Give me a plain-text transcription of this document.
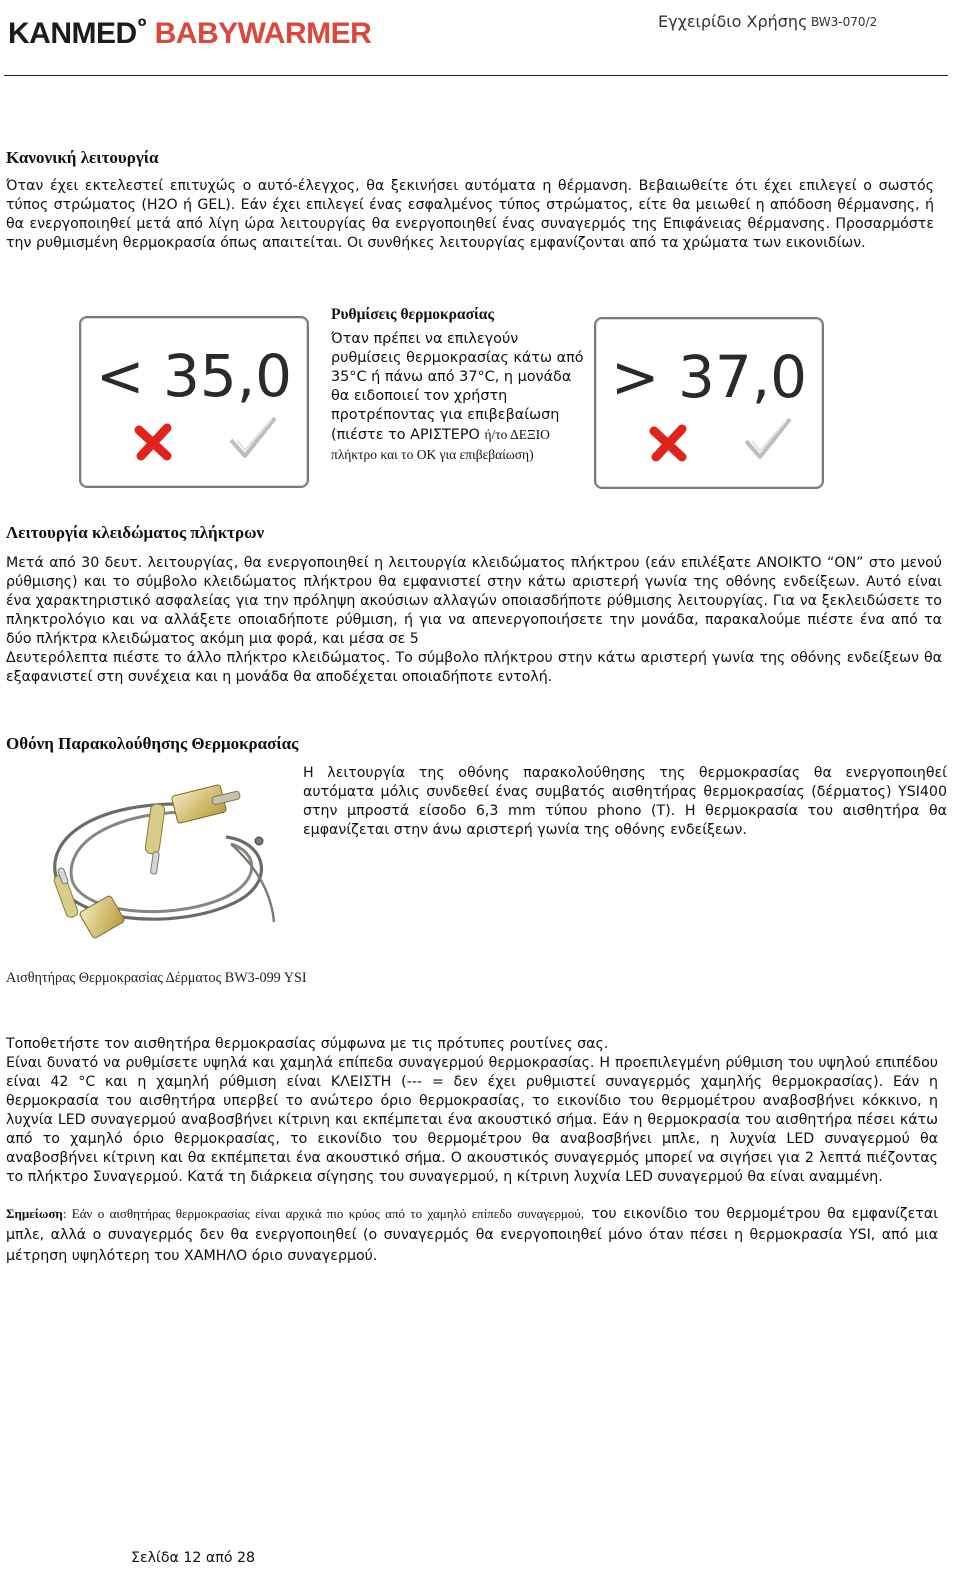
KANMED o BABYWARMER	Εγχειρίδιο Χρήσης BW3-070/2
Κανονική λειτουργία

Όταν έχει εκτελεστεί επιτυχώς ο αυτό-έλεγχος, θα ξεκινήσει αυτόματα η θέρμανση. Βεβαιωθείτε ότι έχει επιλεγεί ο σωστός τύπος στρώματος (H2O ή GEL). Εάν έχει επιλεγεί ένας εσφαλμένος τύπος στρώματος, είτε θα μειωθεί η απόδοση θέρμανσης, ή θα ενεργοποιηθεί μετά από λίγη ώρα λειτουργίας θα ενεργοποιηθεί ένας συναγερμός της Επιφάνειας θέρμανσης. Προσαρμόστε την ρυθμισμένη θερμοκρασία όπως απαιτείται. Οι συνθήκες λειτουργίας εμφανίζονται από τα χρώματα των εικονιδίων.

< 35,0
Ρυθμίσεις θερμοκρασίας
Όταν πρέπει να επιλεγούν ρυθμίσεις θερμοκρασίας κάτω από 35°C ή πάνω από 37°C, η μονάδα θα ειδοποιεί τον χρήστη προτρέποντας για επιβεβαίωση (πιέστε το ΑΡΙΣΤΕΡΟ ή/το ΔΕΞΙΟ πλήκτρο και το ΟΚ για επιβεβαίωση)
> 37,0
Λειτουργία κλειδώματος πλήκτρων

Μετά από 30 δευτ. λειτουργίας, θα ενεργοποιηθεί η λειτουργία κλειδώματος πλήκτρου (εάν επιλέξατε ΑΝΟΙΚΤΟ “ON” στο μενού ρύθμισης) και το σύμβολο κλειδώματος πλήκτρου θα εμφανιστεί στην κάτω αριστερή γωνία της οθόνης ενδείξεων. Αυτό είναι ένα χαρακτηριστικό ασφαλείας για την πρόληψη ακούσιων αλλαγών οποιασδήποτε ρύθμισης λειτουργίας. Για να ξεκλειδώσετε το πληκτρολόγιο και να αλλάξετε οποιαδήποτε ρύθμιση, ή για να απενεργοποιήσετε την μονάδα, παρακαλούμε πιέστε ένα από τα δύο πλήκτρα κλειδώματος ακόμη μια φορά, και μέσα σε 5

Δευτερόλεπτα πιέστε το άλλο πλήκτρο κλειδώματος. Το σύμβολο πλήκτρου στην κάτω αριστερή γωνία της οθόνης ενδείξεων θα εξαφανιστεί στη συνέχεια και η μονάδα θα αποδέχεται οποιαδήποτε εντολή.

Οθόνη Παρακολούθησης Θερμοκρασίας

Η λειτουργία της οθόνης παρακολούθησης της θερμοκρασίας θα ενεργοποιηθεί αυτόματα μόλις συνδεθεί ένας συμβατός αισθητήρας θερμοκρασίας (δέρματος) YSI400 στην μπροστά είσοδο 6,3 mm τύπου phono (T). Η θερμοκρασία του αισθητήρα θα εμφανίζεται στην άνω αριστερή γωνία της οθόνης ενδείξεων.

Αισθητήρας Θερμοκρασίας Δέρματος BW3-099 YSI

Τοποθετήστε τον αισθητήρα θερμοκρασίας σύμφωνα με τις πρότυπες ρουτίνες σας.

Είναι δυνατό να ρυθμίσετε υψηλά και χαμηλά επίπεδα συναγερμού θερμοκρασίας. Η προεπιλεγμένη ρύθμιση του υψηλού επιπέδου είναι 42 °C και η χαμηλή ρύθμιση είναι ΚΛΕΙΣΤΗ (--- = δεν έχει ρυθμιστεί συναγερμός χαμηλής θερμοκρασίας). Εάν η θερμοκρασία του αισθητήρα υπερβεί το ανώτερο όριο θερμοκρασίας, το εικονίδιο του θερμομέτρου αναβοσβήνει κόκκινο, η λυχνία LED συναγερμού αναβοσβήνει κίτρινη και εκπέμπεται ένα ακουστικό σήμα. Εάν η θερμοκρασία του αισθητήρα πέσει κάτω από το χαμηλό όριο θερμοκρασίας, το εικονίδιο του θερμομέτρου θα αναβοσβήνει μπλε, η λυχνία LED συναγερμού θα αναβοσβήνει κίτρινη και θα εκπέμπεται ένα ακουστικό σήμα. Ο ακουστικός συναγερμός μπορεί να σιγήσει για 2 λεπτά πιέζοντας το πλήκτρο Συναγερμού. Κατά τη διάρκεια σίγησης του συναγερμού, η κίτρινη λυχνία LED συναγερμού θα είναι αναμμένη.

Σημείωση: Εάν ο αισθητήρας θερμοκρασίας είναι αρχικά πιο κρύος από το χαμηλό επίπεδο συναγερμού, του εικονίδιο του θερμομέτρου θα εμφανίζεται μπλε, αλλά ο συναγερμός δεν θα ενεργοποιηθεί (ο συναγερμός θα ενεργοποιηθεί μόνο όταν πέσει η θερμοκρασία YSI, από μια μέτρηση υψηλότερη του ΧΑΜΗΛΟ όριο συναγερμού.

Σελίδα 12 από 28
